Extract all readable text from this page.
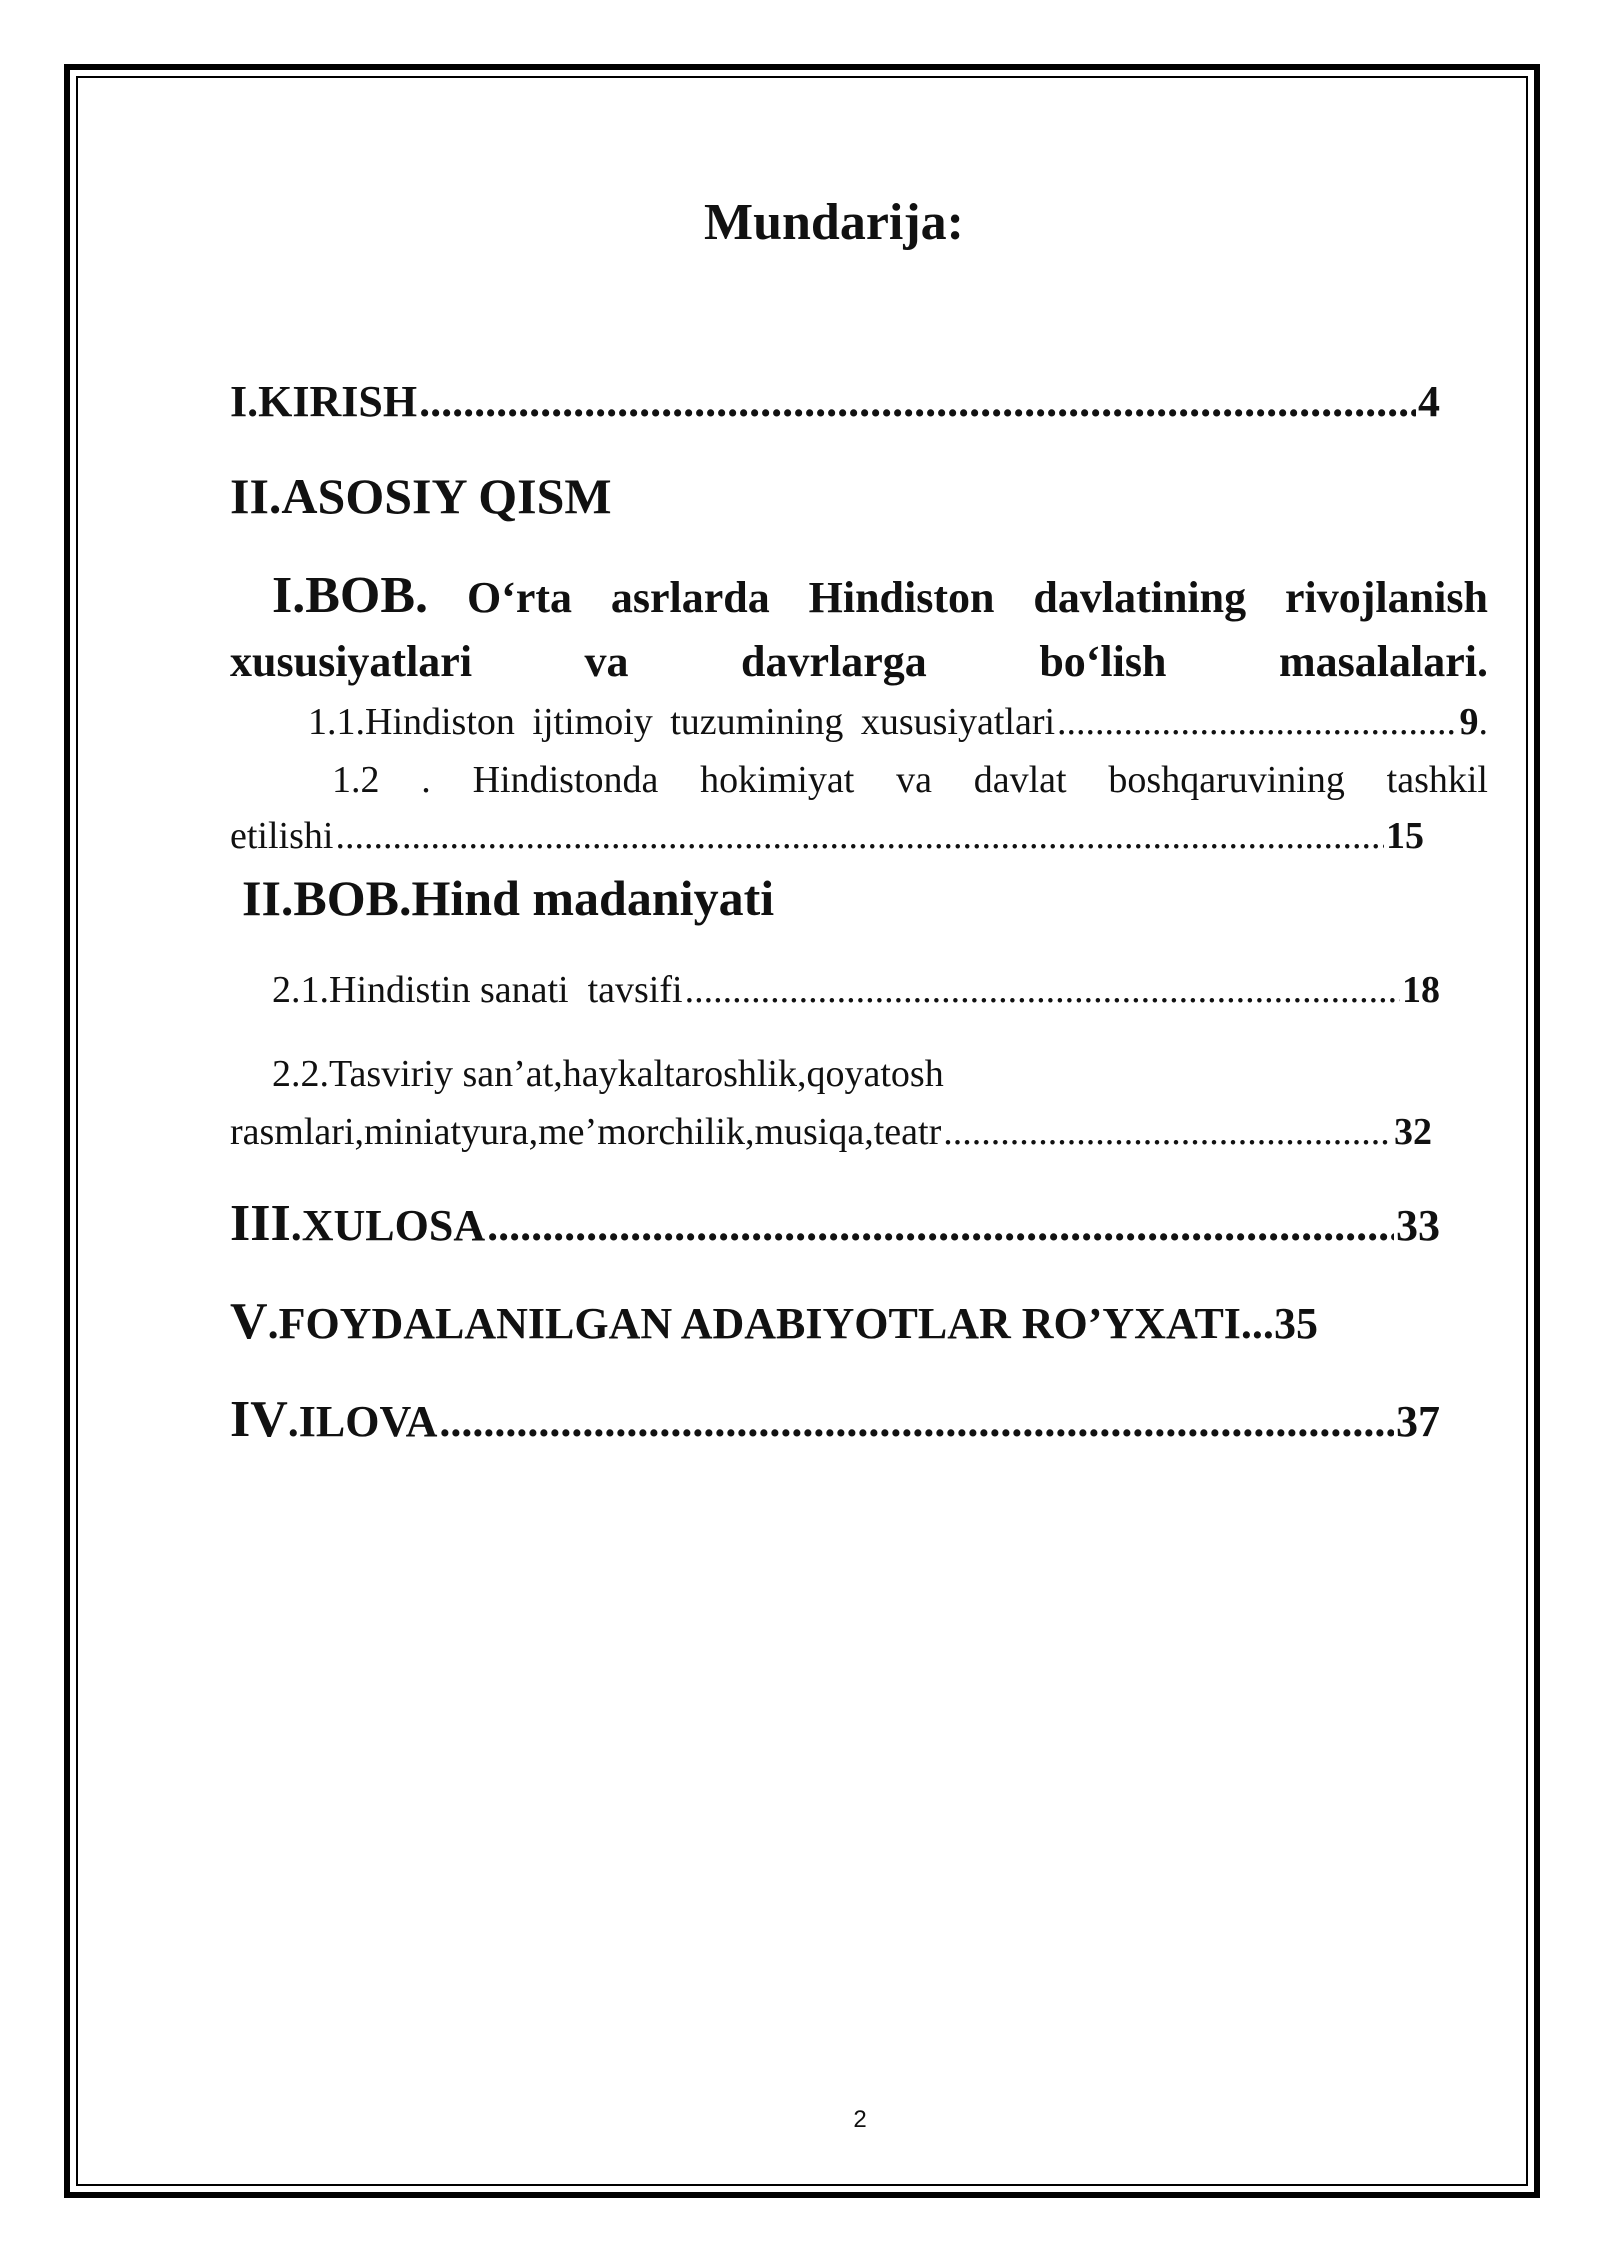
Mundarija:
I.KIRISH .....	4
II.ASOSIY QISM
I.BOB. O‘rta asrlarda Hindiston davlatining rivojlanish
xususiyatlari	va	davrlarga	bo‘lish	masalalari.
1.1.Hindiston ijtimoiy tuzumining xususiyatlari .....	9 .
1.2 . Hindistonda hokimiyat va davlat boshqaruvining tashkil
etilishi .....	15
II.BOB.Hind madaniyati
2.1.Hindistin sanati  tavsifi .....	18
2.2.Tasviriy san’at,haykaltaroshlik,qoyatosh
rasmlari,miniatyura,me’morchilik,musiqa,teatr .....	32
III .XULOSA .....	33
V .FOYDALANILGAN ADABIYOTLAR RO’YXATI... 35
IV .ILOVA .....	37
2
